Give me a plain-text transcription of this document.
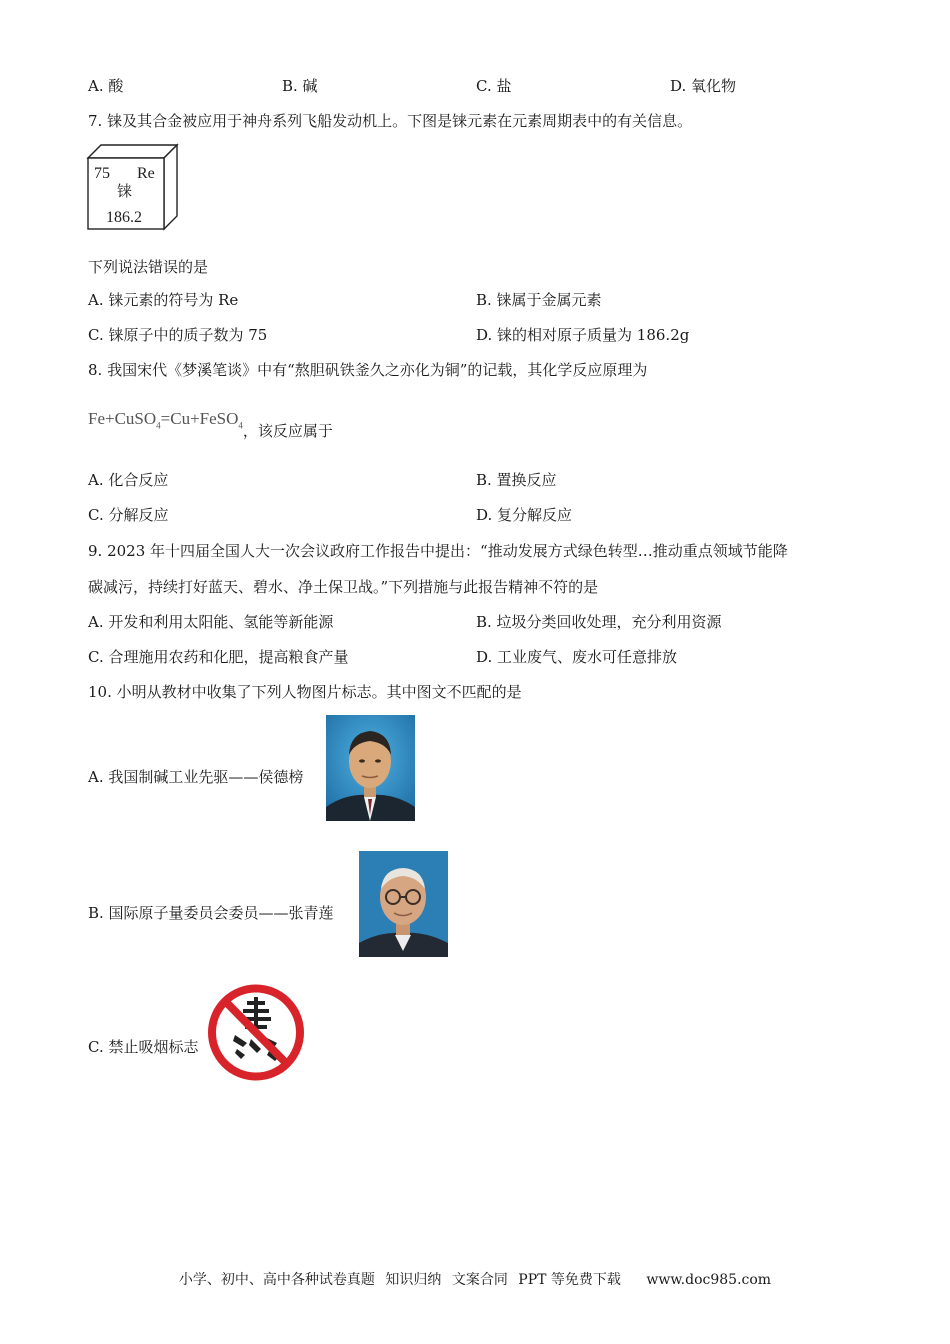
A. 酸	B. 碱	C. 盐	D. 氧化物
7. 铼及其合金被应用于神舟系列飞船发动机上。下图是铼元素在元素周期表中的有关信息。
75 Re
铼
186.2
下列说法错误的是
A. 铼元素的符号为 Re	B. 铼属于金属元素
C. 铼原子中的质子数为 75	D. 铼的相对原子质量为 186.2g
8. 我国宋代《梦溪笔谈》中有“熬胆矾铁釜久之亦化为铜”的记载，其化学反应原理为
Fe+CuSO$_4$=Cu+FeSO$_4$，该反应属于
A. 化合反应	B. 置换反应
C. 分解反应	D. 复分解反应
9. 2023 年十四届全国人大一次会议政府工作报告中提出：“推动发展方式绿色转型…推动重点领域节能降
碳减污，持续打好蓝天、碧水、净土保卫战。”下列措施与此报告精神不符的是
A. 开发和利用太阳能、氢能等新能源	B. 垃圾分类回收处理，充分利用资源
C. 合理施用农药和化肥，提高粮食产量	D. 工业废气、废水可任意排放
10. 小明从教材中收集了下列人物图片标志。其中图文不匹配的是
A. 我国制碱工业先驱——侯德榜
B. 国际原子量委员会委员——张青莲
C. 禁止吸烟标志
小学、初中、高中各种试卷真题 知识归纳 文案合同 PPT 等免费下载 www.doc985.com
